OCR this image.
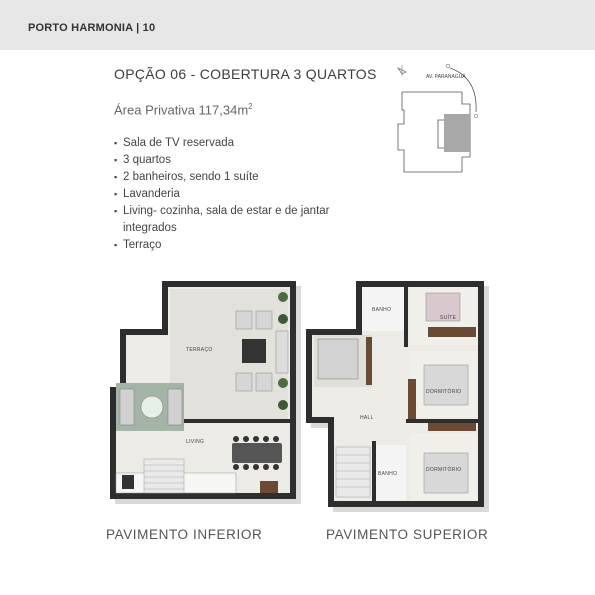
PORTO HARMONIA | 10
OPÇÃO 06 - COBERTURA 3 QUARTOS
Área Privativa $117,34m^2$
▪ Sala de TV reservada
▪ 3 quartos
▪ 2 banheiros, sendo 1 suíte
▪ Lavanderia
▪ Living- cozinha, sala de estar e de jantar integrados
▪ Terraço
AV. PARANAGUÁ
TERRAÇO
LIVING
PAVIMENTO INFERIOR
BANHO
SUÍTE
DORMITÓRIO
HALL
BANHO
DORMITÓRIO
PAVIMENTO SUPERIOR
